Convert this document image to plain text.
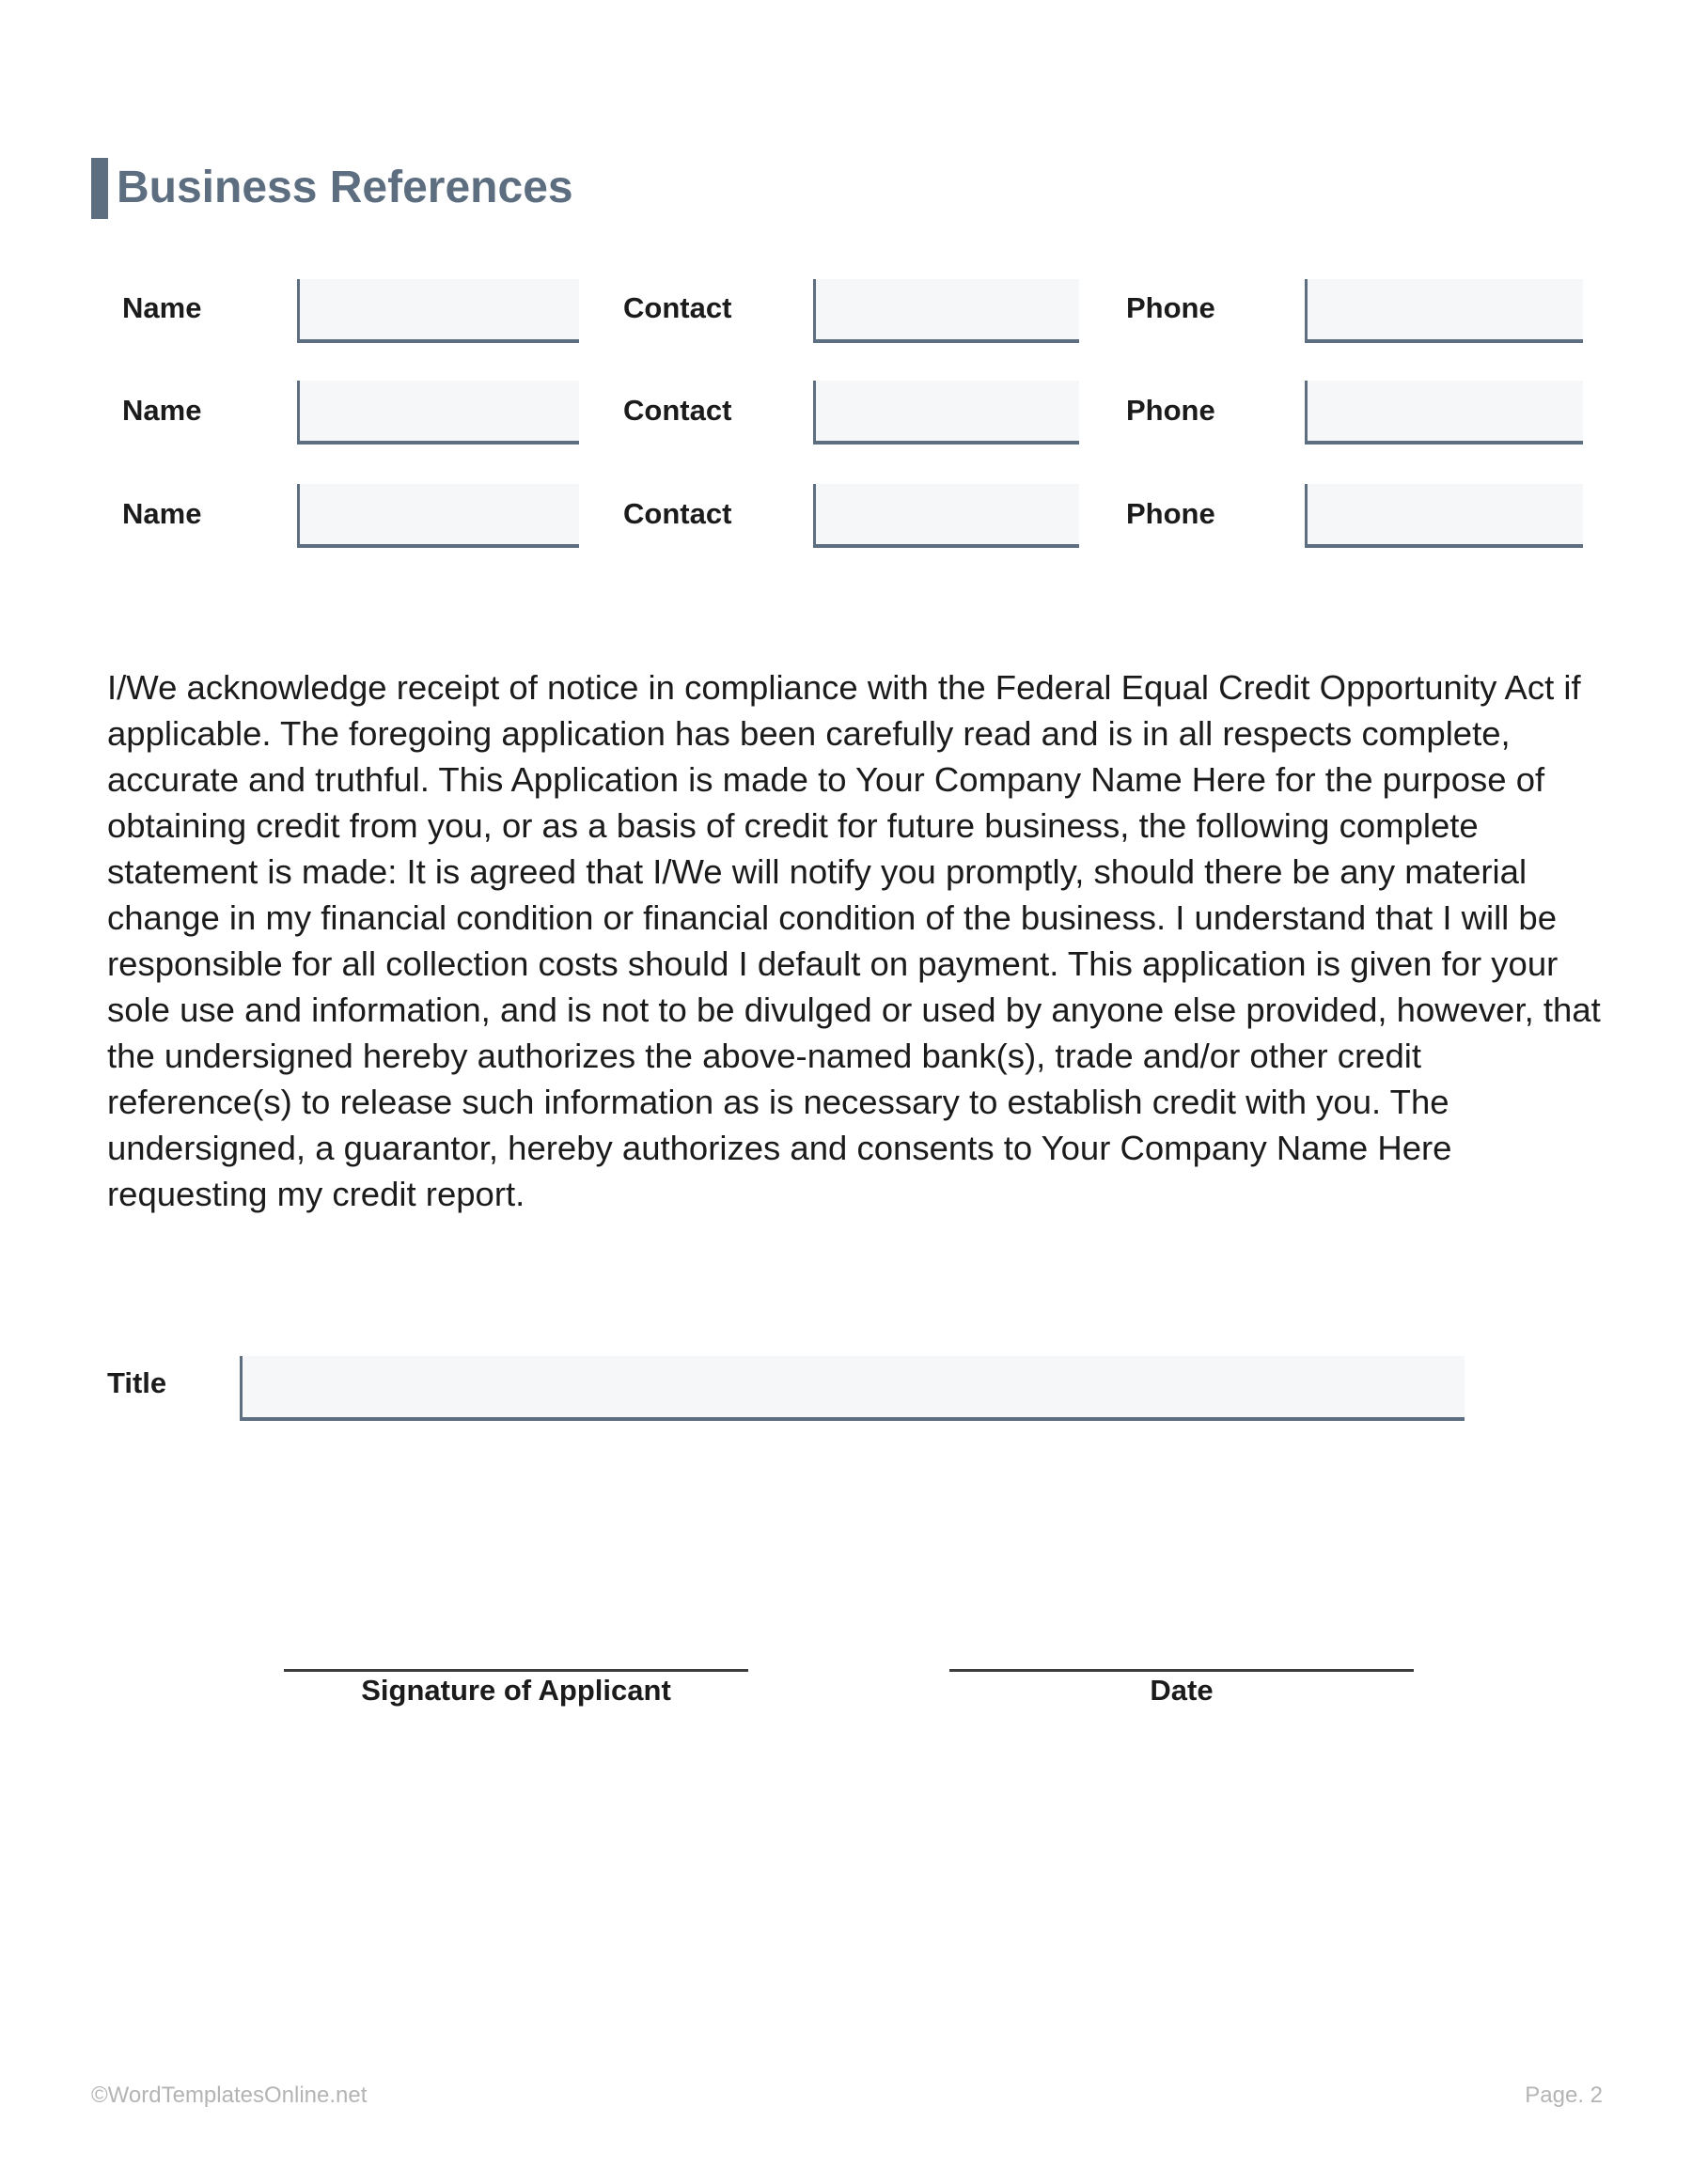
Business References
Name	Contact	Phone
Name	Contact	Phone
Name	Contact	Phone

I/We acknowledge receipt of notice in compliance with the Federal Equal Credit Opportunity Act if applicable. The foregoing application has been carefully read and is in all respects complete, accurate and truthful. This Application is made to Your Company Name Here for the purpose of obtaining credit from you, or as a basis of credit for future business, the following complete statement is made: It is agreed that I/We will notify you promptly, should there be any material change in my financial condition or financial condition of the business. I understand that I will be responsible for all collection costs should I default on payment. This application is given for your sole use and information, and is not to be divulged or used by anyone else provided, however, that the undersigned hereby authorizes the above-named bank(s), trade and/or other credit reference(s) to release such information as is necessary to establish credit with you. The undersigned, a guarantor, hereby authorizes and consents to Your Company Name Here requesting my credit report.

Title
Signature of Applicant	Date
©WordTemplatesOnline.net	Page. 2
